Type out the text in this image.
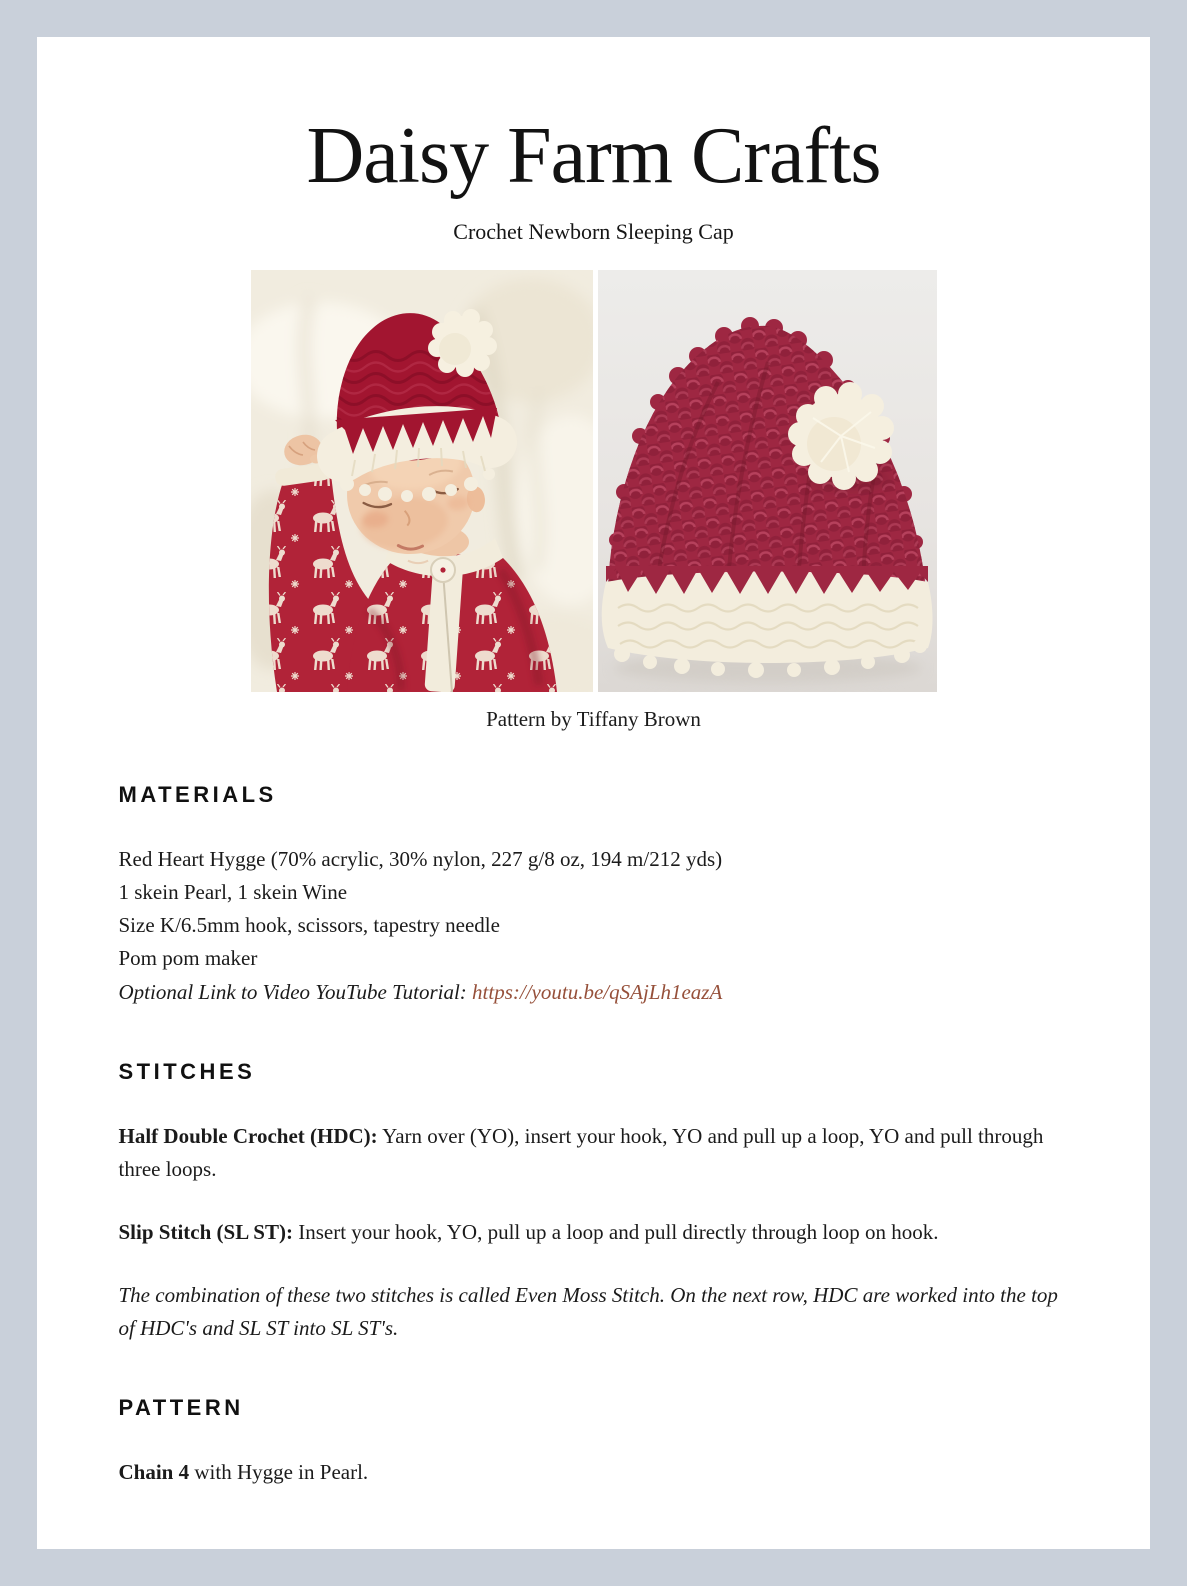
Daisy Farm Crafts
Crochet Newborn Sleeping Cap
Pattern by Tiffany Brown
MATERIALS

Red Heart Hygge (70% acrylic, 30% nylon, 227 g/8 oz, 194 m/212 yds)
1 skein Pearl, 1 skein Wine
Size K/6.5mm hook, scissors, tapestry needle
Pom pom maker
Optional Link to Video YouTube Tutorial: https://youtu.be/qSAjLh1eazA

STITCHES

Half Double Crochet (HDC): Yarn over (YO), insert your hook, YO and pull up a loop, YO and pull through three loops.

Slip Stitch (SL ST): Insert your hook, YO, pull up a loop and pull directly through loop on hook.

The combination of these two stitches is called Even Moss Stitch. On the next row, HDC are worked into the top of HDC's and SL ST into SL ST's.

PATTERN

Chain 4 with Hygge in Pearl.
